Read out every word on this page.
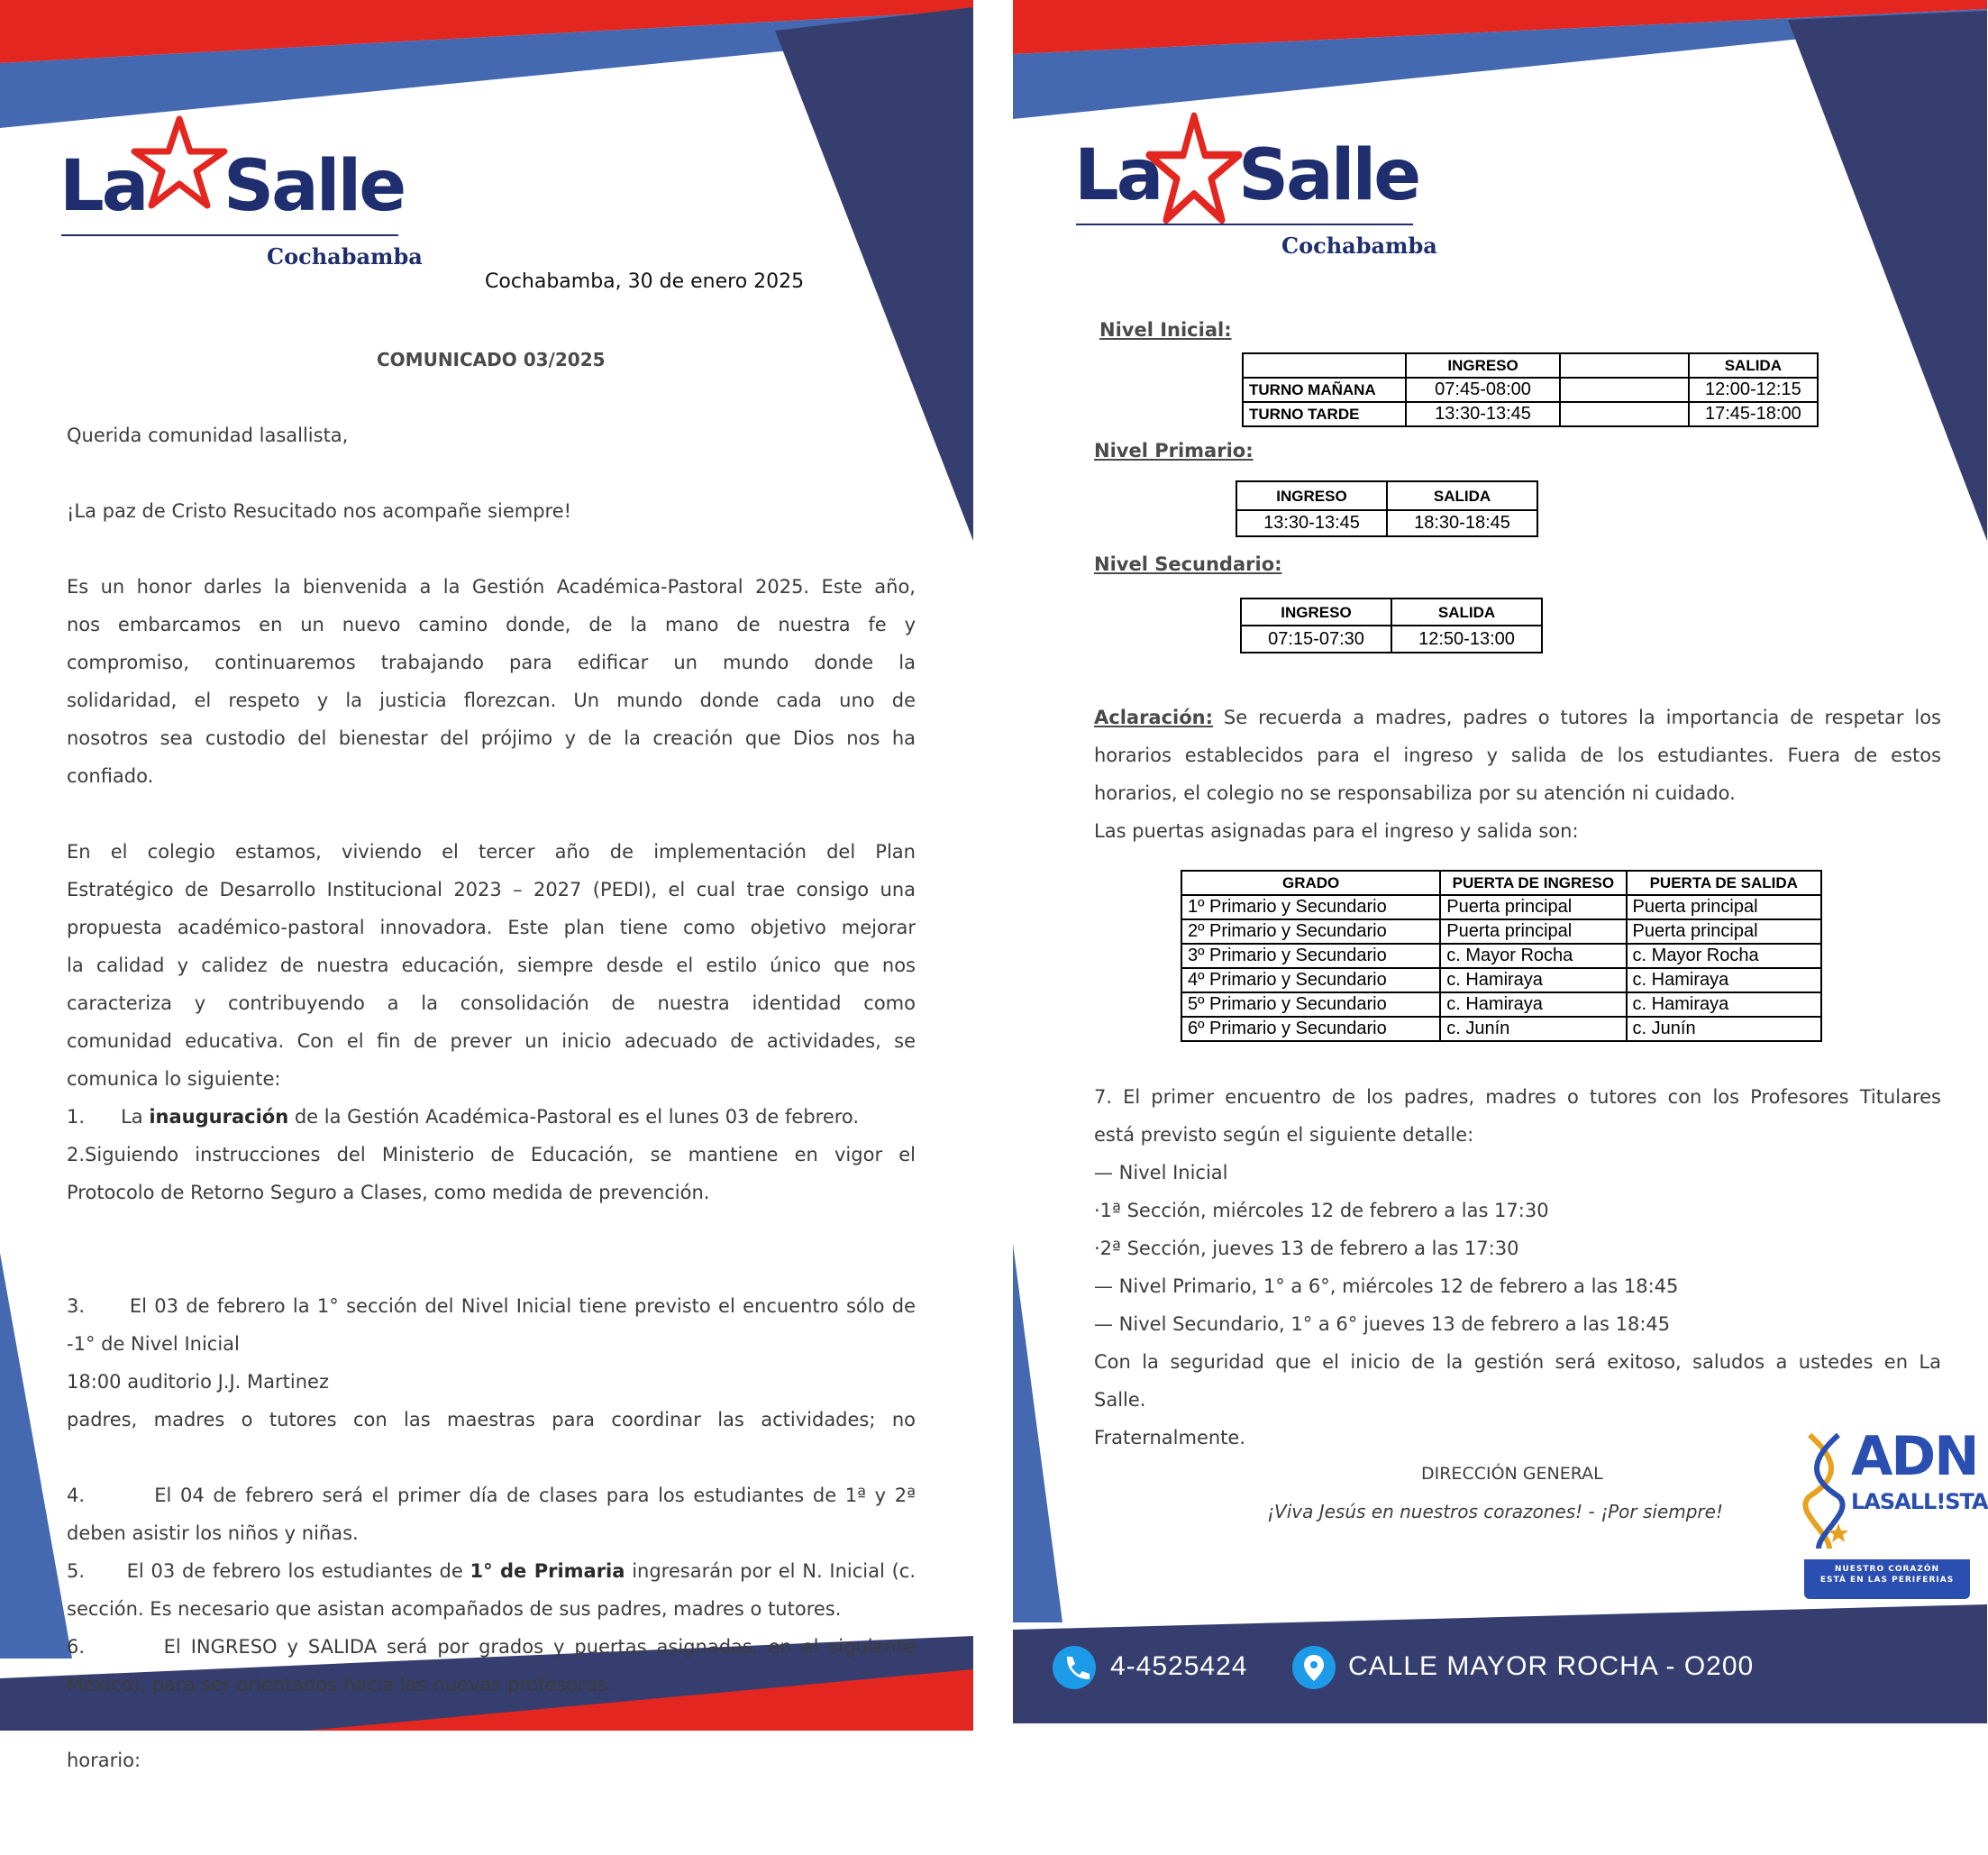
La Salle
Cochabamba
Cochabamba, 30 de enero 2025
COMUNICADO 03/2025
Querida comunidad lasallista,
¡La paz de Cristo Resucitado nos acompañe siempre!
Es un honor darles la bienvenida a la Gestión Académica-Pastoral 2025. Este año,
nos embarcamos en un nuevo camino donde, de la mano de nuestra fe y
compromiso, continuaremos trabajando para edificar un mundo donde la
solidaridad, el respeto y la justicia florezcan. Un mundo donde cada uno de
nosotros sea custodio del bienestar del prójimo y de la creación que Dios nos ha
confiado.
En el colegio estamos, viviendo el tercer año de implementación del Plan
Estratégico de Desarrollo Institucional 2023 – 2027 (PEDI), el cual trae consigo una
propuesta académico-pastoral innovadora. Este plan tiene como objetivo mejorar
la calidad y calidez de nuestra educación, siempre desde el estilo único que nos
caracteriza y contribuyendo a la consolidación de nuestra identidad como
comunidad educativa. Con el fin de prever un inicio adecuado de actividades, se
comunica lo siguiente:
1.      La inauguración de la Gestión Académica-Pastoral es el lunes 03 de febrero.
2.Siguiendo instrucciones del Ministerio de Educación, se mantiene en vigor el
Protocolo de Retorno Seguro a Clases, como medida de prevención.

3.      El 03 de febrero la 1° sección del Nivel Inicial tiene previsto el encuentro sólo de

padres, madres o tutores con las maestras para coordinar las actividades; no

deben asistir los niños y niñas.

-1° de Nivel Inicial
18:00 auditorio J.J. Martinez

4.        El 04 de febrero será el primer día de clases para los estudiantes de 1ª y 2ª

sección. Es necesario que asistan acompañados de sus padres, madres o tutores.

5.      El 03 de febrero los estudiantes de 1° de Primaria ingresarán por el N. Inicial (c.

México), para ser orientados hacia las nuevas profesoras.

6.        El INGRESO y SALIDA será por grados y puertas asignadas, en el siguiente

horario:

La Salle
Cochabamba
Nivel Inicial:
	INGRESO		SALIDA
TURNO MAÑANA	07:45-08:00		12:00-12:15
TURNO TARDE	13:30-13:45		17:45-18:00
Nivel Primario:
INGRESO	SALIDA
13:30-13:45	18:30-18:45
Nivel Secundario:
INGRESO	SALIDA
07:15-07:30	12:50-13:00
Aclaración: Se recuerda a madres, padres o tutores la importancia de respetar los
horarios establecidos para el ingreso y salida de los estudiantes. Fuera de estos
horarios, el colegio no se responsabiliza por su atención ni cuidado.
Las puertas asignadas para el ingreso y salida son:
GRADO	PUERTA DE INGRESO	PUERTA DE SALIDA
1º Primario y Secundario	Puerta principal	Puerta principal
2º Primario y Secundario	Puerta principal	Puerta principal
3º Primario y Secundario	c. Mayor Rocha	c. Mayor Rocha
4º Primario y Secundario	c. Hamiraya	c. Hamiraya
5º Primario y Secundario	c. Hamiraya	c. Hamiraya
6º Primario y Secundario	c. Junín	c. Junín
7. El primer encuentro de los padres, madres o tutores con los Profesores Titulares
está previsto según el siguiente detalle:
— Nivel Inicial
·1ª Sección, miércoles 12 de febrero a las 17:30
·2ª Sección, jueves 13 de febrero a las 17:30
— Nivel Primario, 1° a 6°, miércoles 12 de febrero a las 18:45
— Nivel Secundario, 1° a 6° jueves 13 de febrero a las 18:45
Con la seguridad que el inicio de la gestión será exitoso, saludos a ustedes en La
Salle.
Fraternalmente.
DIRECCIÓN GENERAL
¡Viva Jesús en nuestros corazones! - ¡Por siempre!
ADN
LASALL!STA
NUESTRO CORAZÓN
ESTÁ EN LAS PERIFERIAS
4-4525424	CALLE MAYOR ROCHA - O200
